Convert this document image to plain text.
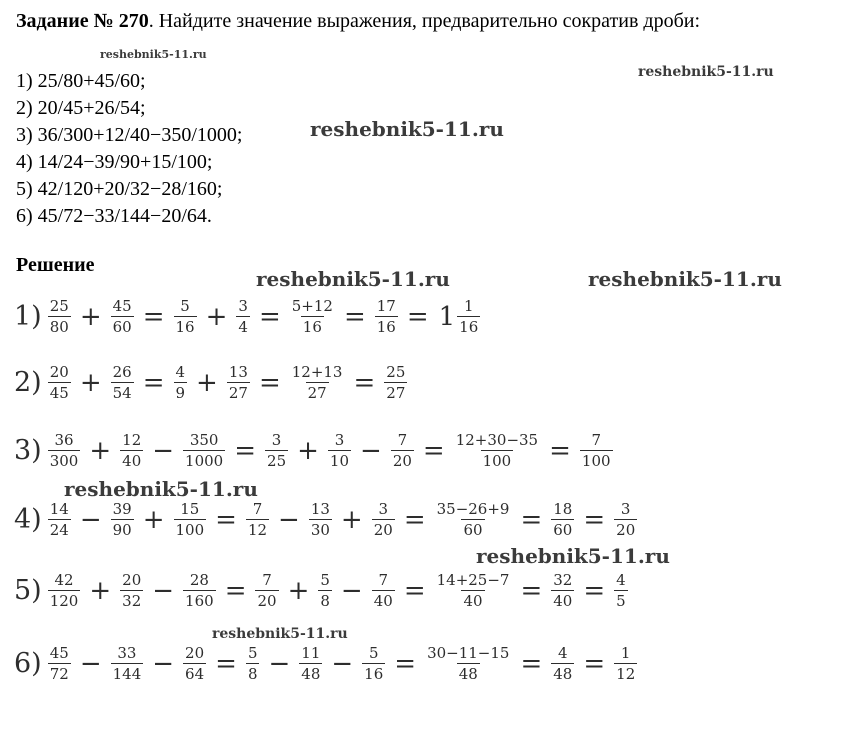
Задание № 270. Найдите значение выражения, предварительно сократив дроби:
1) 25/80+45/60;
2) 20/45+26/54;
3) 36/300+12/40−350/1000;
4) 14/24−39/90+15/100;
5) 42/120+20/32−28/160;
6) 45/72−33/144−20/64.
Решение
$1) \frac{25}{80} + \frac{45}{60} = \frac{5}{16} + \frac{3}{4} = \frac{5+12}{16} = \frac{17}{16} = 1 \frac{1}{16}$
$2) \frac{20}{45} + \frac{26}{54} = \frac{4}{9} + \frac{13}{27} = \frac{12+13}{27} = \frac{25}{27}$
$3) \frac{36}{300} + \frac{12}{40} - \frac{350}{1000} = \frac{3}{25} + \frac{3}{10} - \frac{7}{20} = \frac{12+30-35}{100} = \frac{7}{100}$
$4) \frac{14}{24} - \frac{39}{90} + \frac{15}{100} = \frac{7}{12} - \frac{13}{30} + \frac{3}{20} = \frac{35-26+9}{60} = \frac{18}{60} = \frac{3}{20}$
$5) \frac{42}{120} + \frac{20}{32} - \frac{28}{160} = \frac{7}{20} + \frac{5}{8} - \frac{7}{40} = \frac{14+25-7}{40} = \frac{32}{40} = \frac{4}{5}$
$6) \frac{45}{72} - \frac{33}{144} - \frac{20}{64} = \frac{5}{8} - \frac{11}{48} - \frac{5}{16} = \frac{30-11-15}{48} = \frac{4}{48} = \frac{1}{12}$
reshebnik5-11.ru
reshebnik5-11.ru
reshebnik5-11.ru
reshebnik5-11.ru	reshebnik5-11.ru
reshebnik5-11.ru
reshebnik5-11.ru
reshebnik5-11.ru
